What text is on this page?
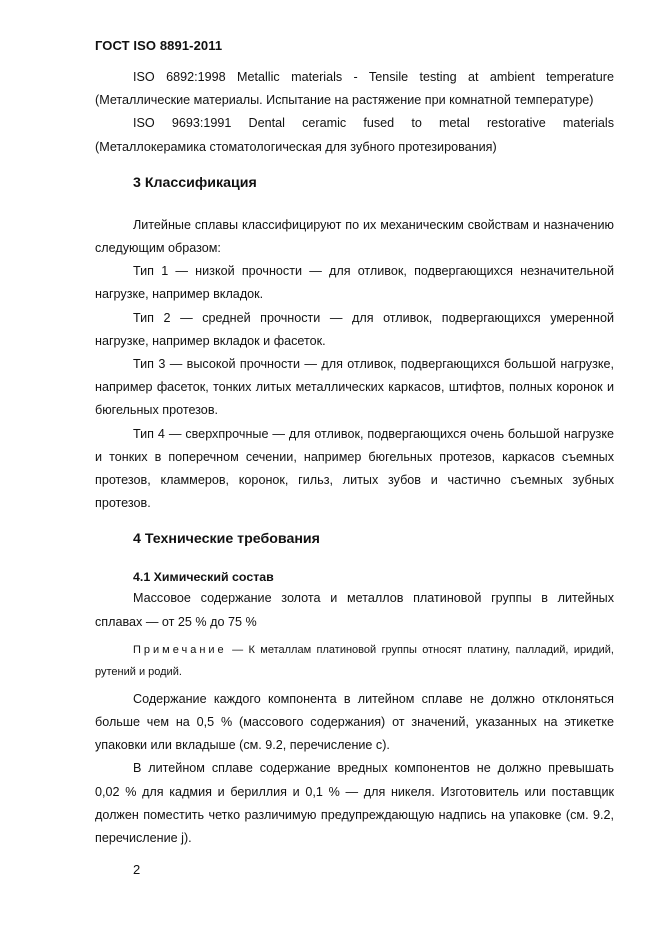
ГОСТ ISO 8891-2011

ISO 6892:1998 Metallic materials - Tensile testing at ambient temperature (Металлические материалы. Испытание на растяжение при комнатной температуре)

ISO 9693:1991 Dental ceramic fused to metal restorative materials (Металлокерамика стоматологическая для зубного протезирования)

3 Классификация

Литейные сплавы классифицируют по их механическим свойствам и назначению следующим образом:

Тип 1 — низкой прочности — для отливок, подвергающихся незначительной нагрузке, например вкладок.

Тип 2 — средней прочности — для отливок, подвергающихся умеренной нагрузке, например вкладок и фасеток.

Тип 3 — высокой прочности — для отливок, подвергающихся большой нагрузке, например фасеток, тонких литых металлических каркасов, штифтов, полных коронок и бюгельных протезов.

Тип 4 — сверхпрочные — для отливок, подвергающихся очень большой нагрузке и тонких в поперечном сечении, например бюгельных протезов, каркасов съемных протезов, кламмеров, коронок, гильз, литых зубов и частично съемных зубных протезов.

4 Технические требования
4.1 Химический состав

Массовое содержание золота и металлов платиновой группы в литейных сплавах — от 25 % до 75 %

Примечание — К металлам платиновой группы относят платину, палладий, иридий, рутений и родий.

Содержание каждого компонента в литейном сплаве не должно отклоняться больше чем на 0,5 % (массового содержания) от значений, указанных на этикетке упаковки или вкладыше (см. 9.2, перечисление с).

В литейном сплаве содержание вредных компонентов не должно превышать 0,02 % для кадмия и бериллия и 0,1 % — для никеля. Изготовитель или поставщик должен поместить четко различимую предупреждающую надпись на упаковке (см. 9.2, перечисление j).

2
